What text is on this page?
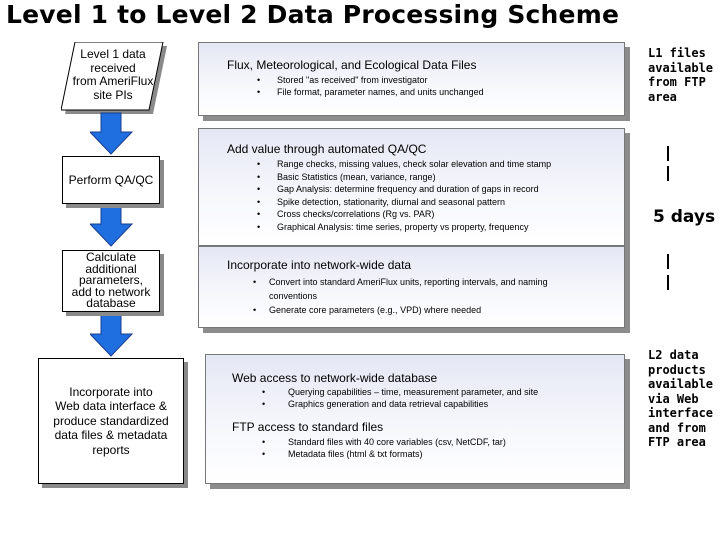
Level 1 to Level 2 Data Processing Scheme
Level 1 data
received
from AmeriFlux
site PIs
Perform QA/QC
Calculate
additional
parameters,
add to network
database
Incorporate into
Web data interface &
produce standardized
data files & metadata
reports
Flux, Meteorological, and Ecological Data Files
• Stored "as received" from investigator
• File format, parameter names, and units unchanged
Add value through automated QA/QC
• Range checks, missing values, check solar elevation and time stamp
• Basic Statistics (mean, variance, range)
• Gap Analysis: determine frequency and duration of gaps in record
• Spike detection, stationarity, diurnal and seasonal pattern
• Cross checks/correlations (Rg vs. PAR)
• Graphical Analysis: time series, property vs property, frequency
Incorporate into network-wide data
• Convert into standard AmeriFlux units, reporting intervals, and naming
conventions
• Generate core parameters (e.g., VPD) where needed
Web access to network-wide database
• Querying capabilities – time, measurement parameter, and site
• Graphics generation and data retrieval capabilities
FTP access to standard files
• Standard files with 40 core variables (csv, NetCDF, tar)
• Metadata files (html & txt formats)
L1 files
available
from FTP
area
5 days
L2 data
products
available
via Web
interface
and from
FTP area
